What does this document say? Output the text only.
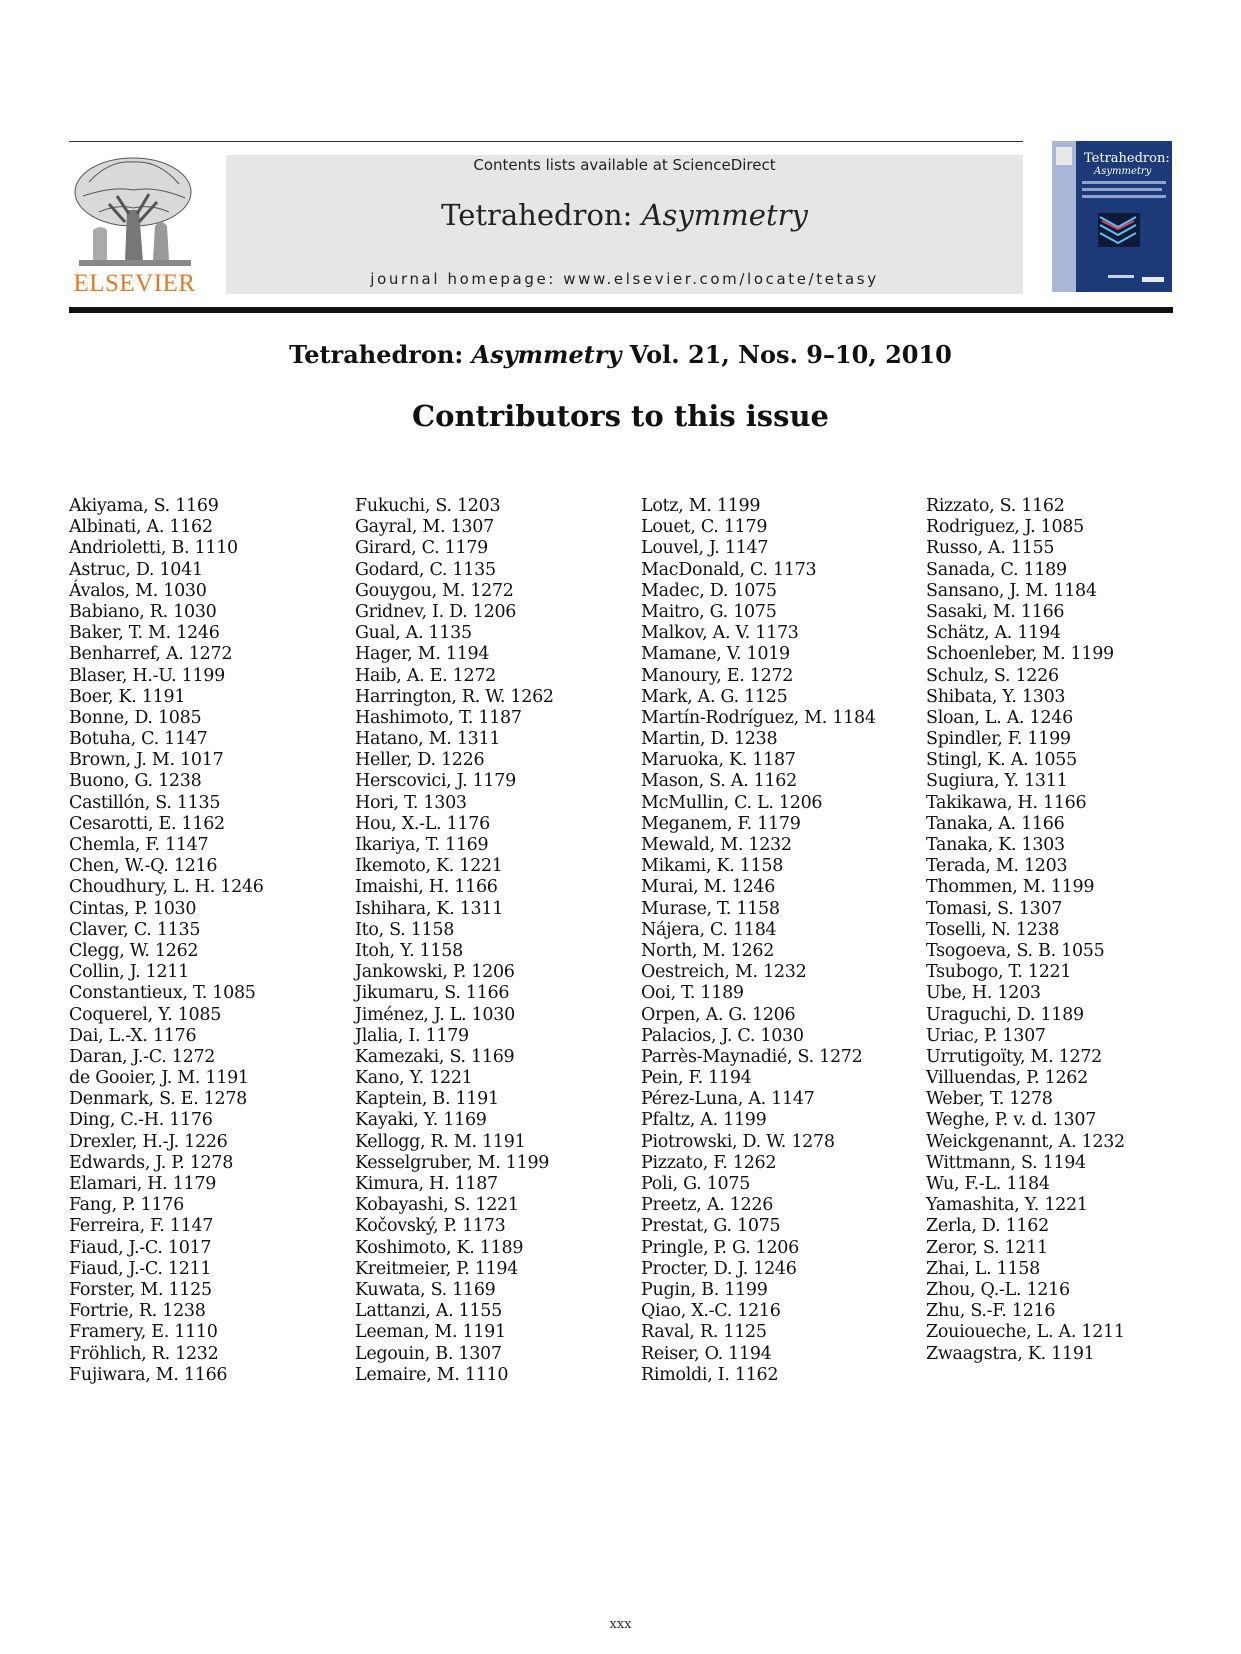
ELSEVIER
Contents lists available at ScienceDirect
Tetrahedron: Asymmetry
journal homepage: www.elsevier.com/locate/tetasy
Tetrahedron:
Asymmetry
Tetrahedron: Asymmetry Vol. 21, Nos. 9–10, 2010
Contributors to this issue
Akiyama, S. 1169
Albinati, A. 1162
Andrioletti, B. 1110
Astruc, D. 1041
Ávalos, M. 1030
Babiano, R. 1030
Baker, T. M. 1246
Benharref, A. 1272
Blaser, H.-U. 1199
Boer, K. 1191
Bonne, D. 1085
Botuha, C. 1147
Brown, J. M. 1017
Buono, G. 1238
Castillón, S. 1135
Cesarotti, E. 1162
Chemla, F. 1147
Chen, W.-Q. 1216
Choudhury, L. H. 1246
Cintas, P. 1030
Claver, C. 1135
Clegg, W. 1262
Collin, J. 1211
Constantieux, T. 1085
Coquerel, Y. 1085
Dai, L.-X. 1176
Daran, J.-C. 1272
de Gooier, J. M. 1191
Denmark, S. E. 1278
Ding, C.-H. 1176
Drexler, H.-J. 1226
Edwards, J. P. 1278
Elamari, H. 1179
Fang, P. 1176
Ferreira, F. 1147
Fiaud, J.-C. 1017
Fiaud, J.-C. 1211
Forster, M. 1125
Fortrie, R. 1238
Framery, E. 1110
Fröhlich, R. 1232
Fujiwara, M. 1166
Fukuchi, S. 1203
Gayral, M. 1307
Girard, C. 1179
Godard, C. 1135
Gouygou, M. 1272
Gridnev, I. D. 1206
Gual, A. 1135
Hager, M. 1194
Haib, A. E. 1272
Harrington, R. W. 1262
Hashimoto, T. 1187
Hatano, M. 1311
Heller, D. 1226
Herscovici, J. 1179
Hori, T. 1303
Hou, X.-L. 1176
Ikariya, T. 1169
Ikemoto, K. 1221
Imaishi, H. 1166
Ishihara, K. 1311
Ito, S. 1158
Itoh, Y. 1158
Jankowski, P. 1206
Jikumaru, S. 1166
Jiménez, J. L. 1030
Jlalia, I. 1179
Kamezaki, S. 1169
Kano, Y. 1221
Kaptein, B. 1191
Kayaki, Y. 1169
Kellogg, R. M. 1191
Kesselgruber, M. 1199
Kimura, H. 1187
Kobayashi, S. 1221
Kočovský, P. 1173
Koshimoto, K. 1189
Kreitmeier, P. 1194
Kuwata, S. 1169
Lattanzi, A. 1155
Leeman, M. 1191
Legouin, B. 1307
Lemaire, M. 1110
Lotz, M. 1199
Louet, C. 1179
Louvel, J. 1147
MacDonald, C. 1173
Madec, D. 1075
Maitro, G. 1075
Malkov, A. V. 1173
Mamane, V. 1019
Manoury, E. 1272
Mark, A. G. 1125
Martín-Rodríguez, M. 1184
Martin, D. 1238
Maruoka, K. 1187
Mason, S. A. 1162
McMullin, C. L. 1206
Meganem, F. 1179
Mewald, M. 1232
Mikami, K. 1158
Murai, M. 1246
Murase, T. 1158
Nájera, C. 1184
North, M. 1262
Oestreich, M. 1232
Ooi, T. 1189
Orpen, A. G. 1206
Palacios, J. C. 1030
Parrès-Maynadié, S. 1272
Pein, F. 1194
Pérez-Luna, A. 1147
Pfaltz, A. 1199
Piotrowski, D. W. 1278
Pizzato, F. 1262
Poli, G. 1075
Preetz, A. 1226
Prestat, G. 1075
Pringle, P. G. 1206
Procter, D. J. 1246
Pugin, B. 1199
Qiao, X.-C. 1216
Raval, R. 1125
Reiser, O. 1194
Rimoldi, I. 1162
Rizzato, S. 1162
Rodriguez, J. 1085
Russo, A. 1155
Sanada, C. 1189
Sansano, J. M. 1184
Sasaki, M. 1166
Schätz, A. 1194
Schoenleber, M. 1199
Schulz, S. 1226
Shibata, Y. 1303
Sloan, L. A. 1246
Spindler, F. 1199
Stingl, K. A. 1055
Sugiura, Y. 1311
Takikawa, H. 1166
Tanaka, A. 1166
Tanaka, K. 1303
Terada, M. 1203
Thommen, M. 1199
Tomasi, S. 1307
Toselli, N. 1238
Tsogoeva, S. B. 1055
Tsubogo, T. 1221
Ube, H. 1203
Uraguchi, D. 1189
Uriac, P. 1307
Urrutigoïty, M. 1272
Villuendas, P. 1262
Weber, T. 1278
Weghe, P. v. d. 1307
Weickgenannt, A. 1232
Wittmann, S. 1194
Wu, F.-L. 1184
Yamashita, Y. 1221
Zerla, D. 1162
Zeror, S. 1211
Zhai, L. 1158
Zhou, Q.-L. 1216
Zhu, S.-F. 1216
Zouioueche, L. A. 1211
Zwaagstra, K. 1191
xxx
